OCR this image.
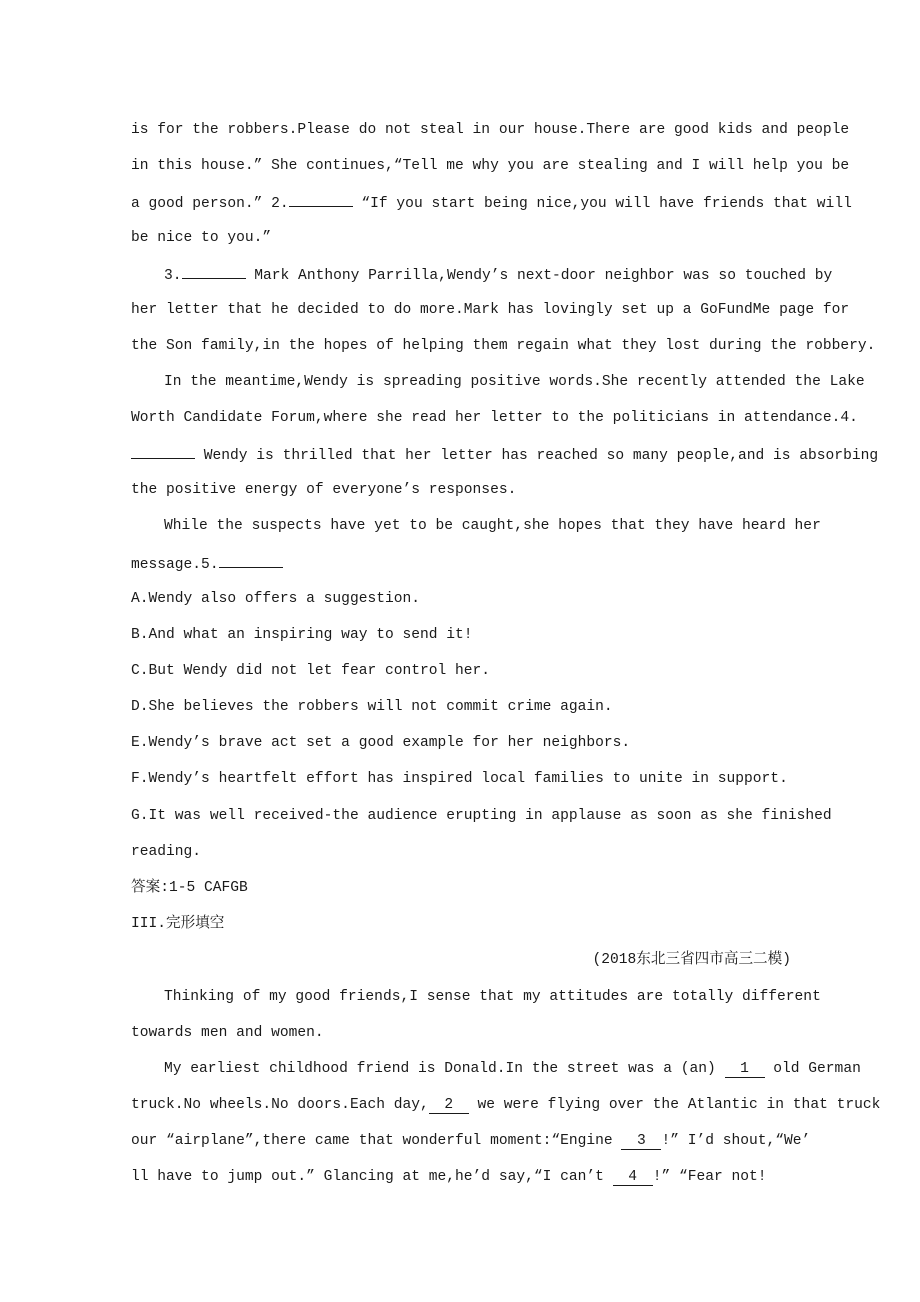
is for the robbers.Please do not steal in our house.There are good kids and people
in this house.” She continues,“Tell me why you are stealing and I will help you be
a good person.” 2.	“If you start being nice,you will have friends that will
be nice to you.”
3.	Mark Anthony Parrilla,Wendy’s next-door neighbor was so touched by
her letter that he decided to do more.Mark has lovingly set up a GoFundMe page for
the Son family,in the hopes of helping them regain what they lost during the robbery.
In the meantime,Wendy is spreading positive words.She recently attended the Lake
Worth Candidate Forum,where she read her letter to the politicians in attendance.4.
Wendy is thrilled that her letter has reached so many people,and is absorbing
the positive energy of everyone’s responses.
While the suspects have yet to be caught,she hopes that they have heard her
message.5.
A.Wendy also offers a suggestion.
B.And what an inspiring way to send it!
C.But Wendy did not let fear control her.
D.She believes the robbers will not commit crime again.
E.Wendy’s brave act set a good example for her neighbors.
F.Wendy’s heartfelt effort has inspired local families to unite in support.
G.It was well received-the audience erupting in applause as soon as she finished
reading.
答案:1-5 CAFGB
III.完形填空
(2018东北三省四市高三二模)
Thinking of my good friends,I sense that my attitudes are totally different
towards men and women.
My earliest childhood friend is Donald.In the street was a (an) 1 old German
truck.No wheels.No doors.Each day, 2 we were flying over the Atlantic in that truck
our “airplane”,there came that wonderful moment:“Engine 3 !” I’d shout,“We’
ll have to jump out.” Glancing at me,he’d say,“I can’t 4 !” “Fear not!
